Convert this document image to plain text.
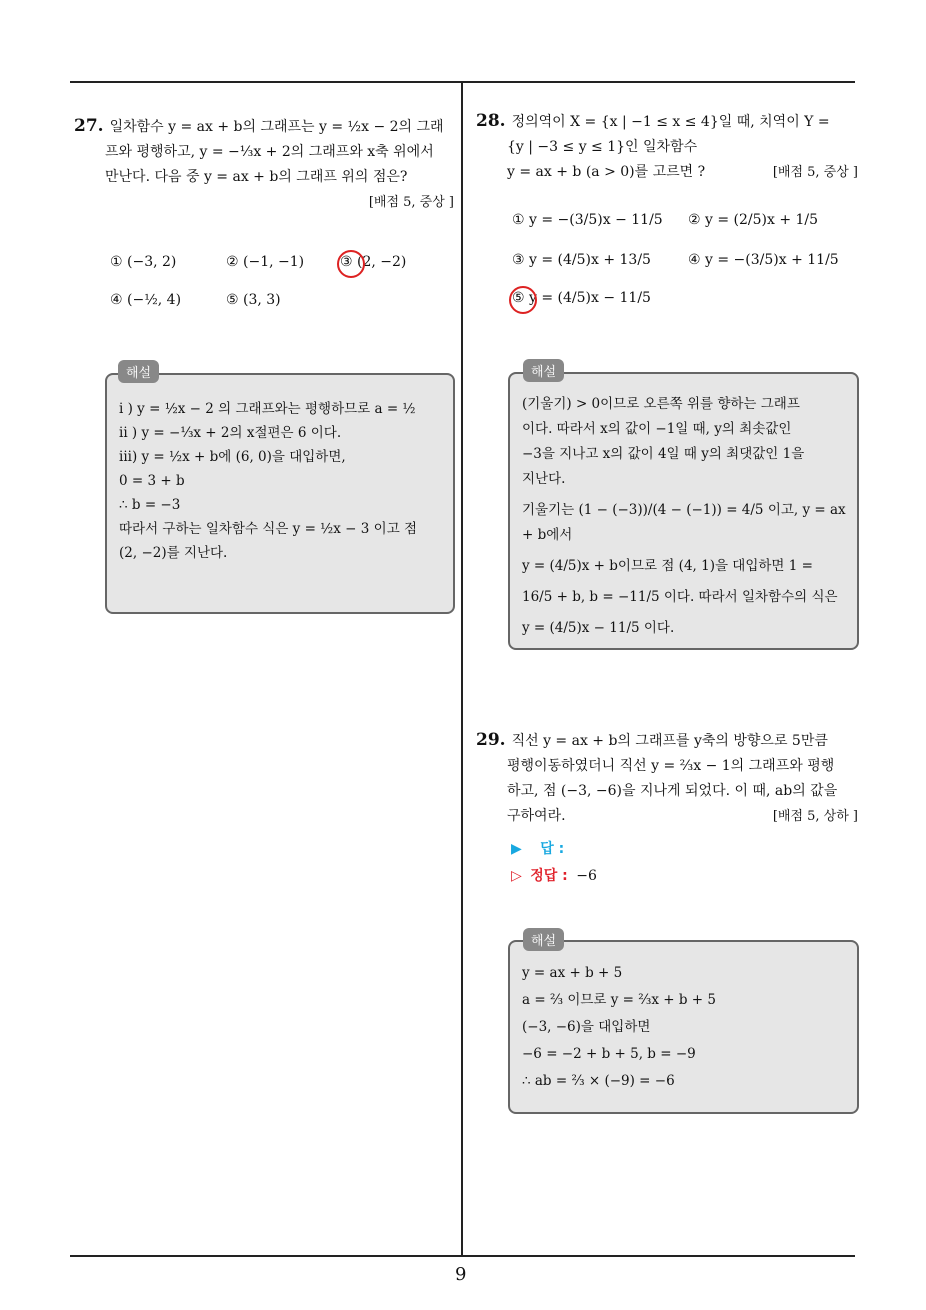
9
27. 일차함수 y = ax + b의 그래프는 y = ½x − 2의 그래
프와 평행하고, y = −⅓x + 2의 그래프와 x축 위에서
만난다. 다음 중 y = ax + b의 그래프 위의 점은?
[배점 5, 중상 ]
① (−3, 2)	② (−1, −1)	③ (2, −2)
④ (−½, 4)	⑤ (3, 3)
i ) y = ½x − 2 의 그래프와는 평행하므로 a = ½
ii ) y = −⅓x + 2의 x절편은 6 이다.
iii) y = ½x + b에 (6, 0)을 대입하면,
0 = 3 + b
∴ b = −3
따라서 구하는 일차함수 식은 y = ½x − 3 이고 점
(2, −2)를 지난다.
해설
28. 정의역이 X = {x | −1 ≤ x ≤ 4}일 때, 치역이 Y =
{y | −3 ≤ y ≤ 1}인 일차함수
y = ax + b (a > 0)를 고르면 ?	[배점 5, 중상 ]
① y = −(3/5)x − 11/5 ② y = (2/5)x + 1/5
③ y = (4/5)x + 13/5	④ y = −(3/5)x + 11/5
⑤ y = (4/5)x − 11/5
(기울기) > 0이므로 오른쪽 위를 향하는 그래프
이다. 따라서 x의 값이 −1일 때, y의 최솟값인
−3을 지나고 x의 값이 4일 때 y의 최댓값인 1을
지난다.
기울기는 (1 − (−3))/(4 − (−1)) = 4/5 이고, y = ax + b에서
y = (4/5)x + b이므로 점 (4, 1)을 대입하면 1 =
16/5 + b, b = −11/5 이다. 따라서 일차함수의 식은
y = (4/5)x − 11/5 이다.
해설
29. 직선 y = ax + b의 그래프를 y축의 방향으로 5만큼
평행이동하였더니 직선 y = ⅔x − 1의 그래프와 평행
하고, 점 (−3, −6)을 지나게 되었다. 이 때, ab의 값을
구하여라.	[배점 5, 상하 ]
▶ 답 :
▷ 정답 : −6
y = ax + b + 5
a = ⅔ 이므로 y = ⅔x + b + 5
(−3, −6)을 대입하면
−6 = −2 + b + 5, b = −9
∴ ab = ⅔ × (−9) = −6
해설
